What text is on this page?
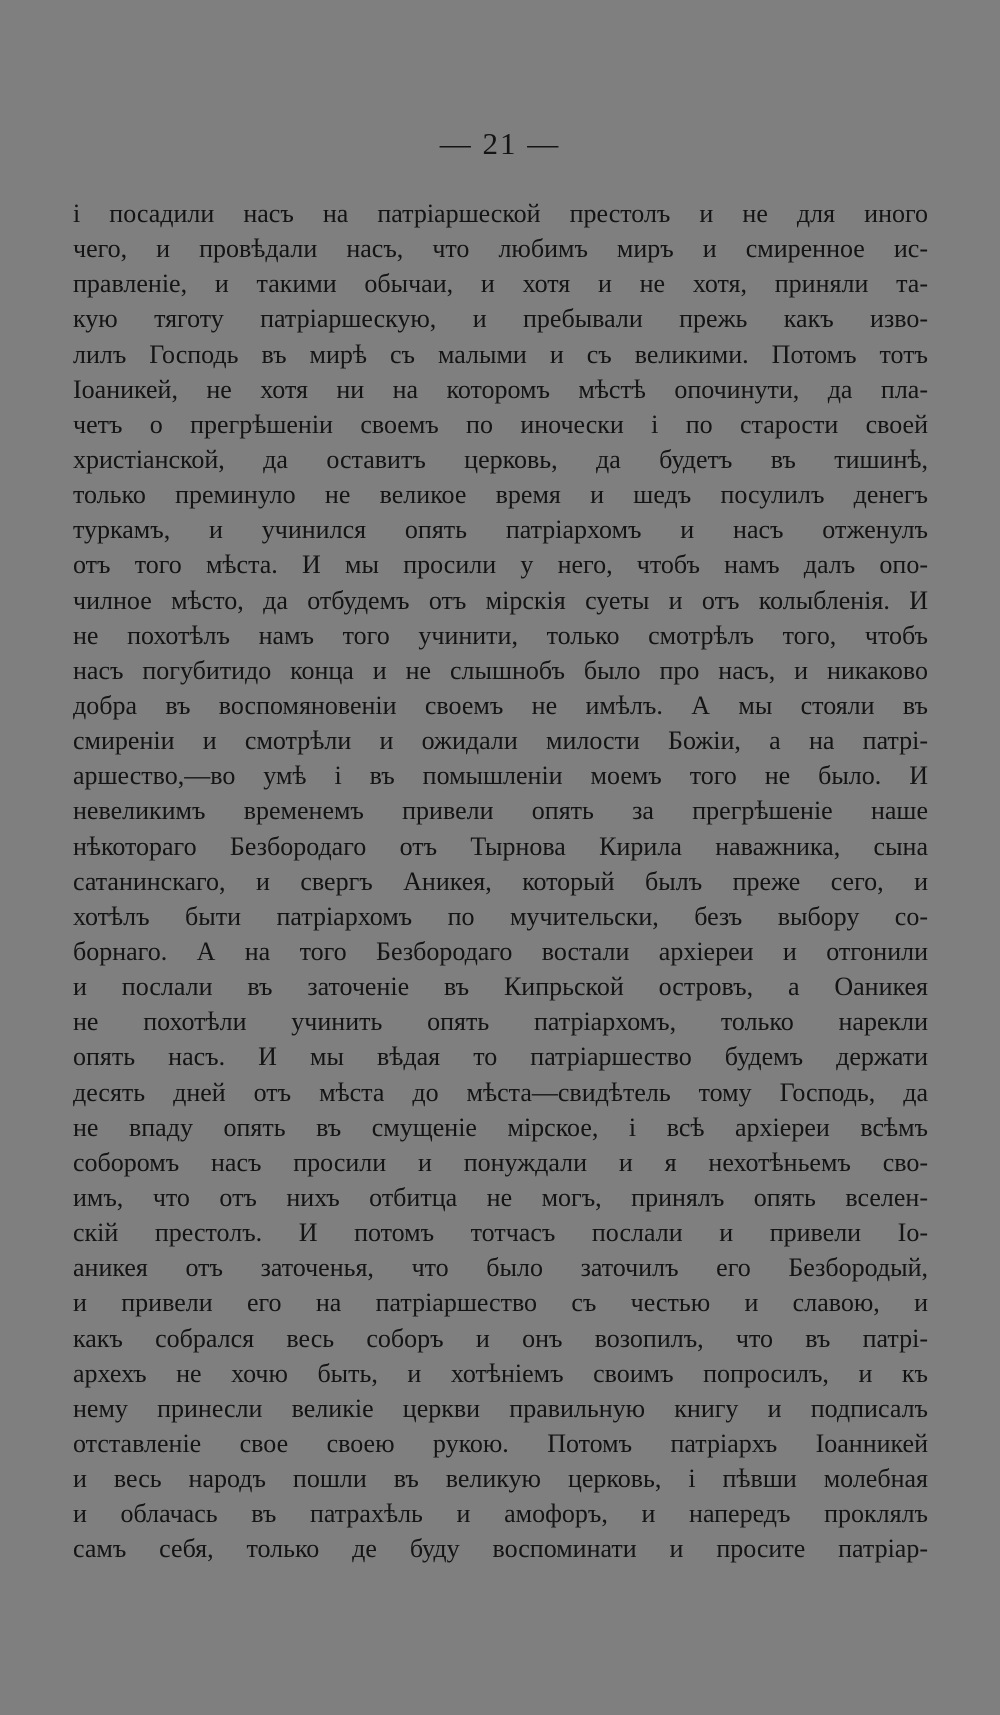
— 21 —
і посадили насъ на патріаршеской престолъ и не для иного
чего, и провѣдали насъ, что любимъ миръ и смиренное ис-
правленіе, и такими обычаи, и хотя и не хотя, приняли та-
кую тяготу патріаршескую, и пребывали прежь какъ изво-
лилъ Господь въ мирѣ съ малыми и съ великими. Потомъ тотъ
Іоаникей, не хотя ни на которомъ мѣстѣ опочинути, да пла-
четъ о прегрѣшеніи своемъ по иночески і по старости своей
христіанской, да оставитъ церковь, да будетъ въ тишинѣ,
только преминуло не великое время и шедъ посулилъ денегъ
туркамъ, и учинился опять патріархомъ и насъ отженулъ
отъ того мѣста. И мы просили у него, чтобъ намъ далъ опо-
чилное мѣсто, да отбудемъ отъ мірскія суеты и отъ колыбленія. И
не похотѣлъ намъ того учинити, только смотрѣлъ того, чтобъ
насъ погубитидо конца и не слышнобъ было про насъ, и никаково
добра въ воспомяновеніи своемъ не имѣлъ. А мы стояли въ
смиреніи и смотрѣли и ожидали милости Божіи, а на патрі-
аршество,—во умѣ і въ помышленіи моемъ того не было. И
невеликимъ временемъ привели опять за прегрѣшеніе наше
нѣкотораго Безбородаго отъ Тырнова Кирила наважника, сына
сатанинскаго, и свергъ Аникея, который былъ преже сего, и
хотѣлъ быти патріархомъ по мучительски, безъ выбору со-
борнаго. А на того Безбородаго востали архіереи и отгонили
и послали въ заточеніе въ Кипрьской островъ, а Оаникея
не похотѣли учинить опять патріархомъ, только нарекли
опять насъ. И мы вѣдая то патріаршество будемъ держати
десять дней отъ мѣста до мѣста—свидѣтель тому Господь, да
не впаду опять въ смущеніе мірское, і всѣ архіереи всѣмъ
соборомъ насъ просили и понуждали и я нехотѣньемъ сво-
имъ, что отъ нихъ отбитца не могъ, принялъ опять вселен-
скій престолъ. И потомъ тотчасъ послали и привели Іо-
аникея отъ заточенья, что было заточилъ его Безбородый,
и привели его на патріаршество съ честью и славою, и
какъ собрался весь соборъ и онъ возопилъ, что въ патрі-
архехъ не хочю быть, и хотѣніемъ своимъ попросилъ, и къ
нему принесли великіе церкви правильную книгу и подписалъ
отставленіе свое своею рукою. Потомъ патріархъ Іоанникей
и весь народъ пошли въ великую церковь, і пѣвши молебная
и облачась въ патрахѣль и амофоръ, и напередъ проклялъ
самъ себя, только де буду воспоминати и просите патріар-
